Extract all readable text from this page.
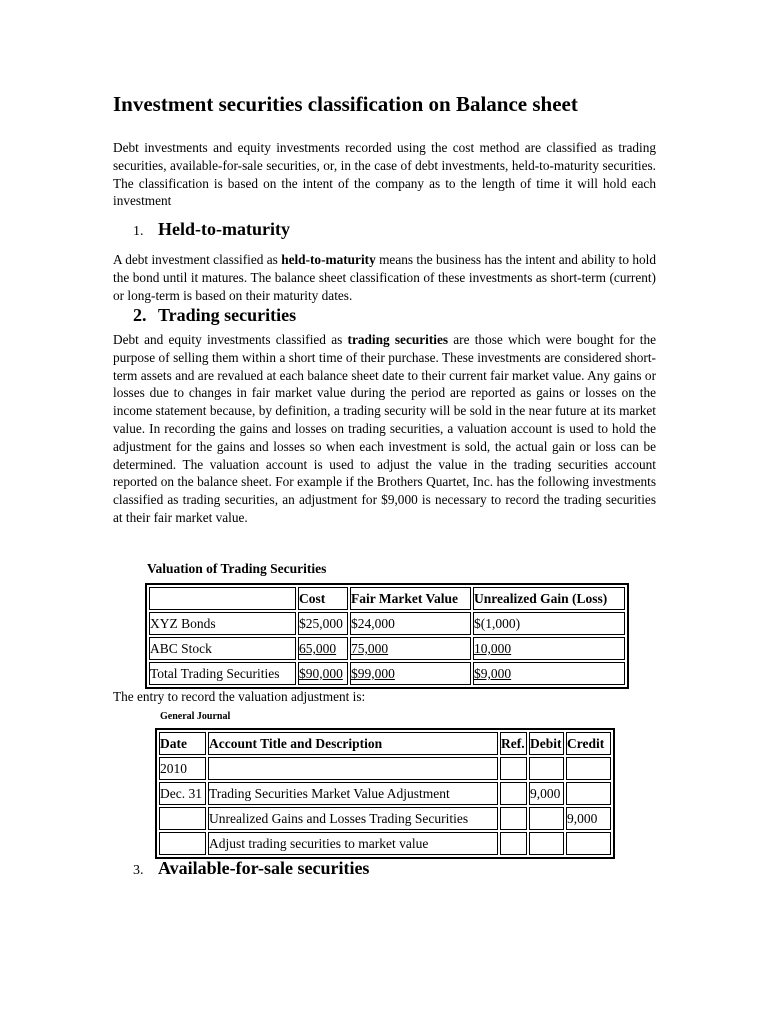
Investment securities classification on Balance sheet

Debt investments and equity investments recorded using the cost method are classified as trading securities, available-for-sale securities, or, in the case of debt investments, held-to-maturity securities. The classification is based on the intent of the company as to the length of time it will hold each investment

1. Held-to-maturity

A debt investment classified as held-to-maturity means the business has the intent and ability to hold the bond until it matures. The balance sheet classification of these investments as short-term (current) or long-term is based on their maturity dates.

2. Trading securities

Debt and equity investments classified as trading securities are those which were bought for the purpose of selling them within a short time of their purchase. These investments are considered short-term assets and are revalued at each balance sheet date to their current fair market value. Any gains or losses due to changes in fair market value during the period are reported as gains or losses on the income statement because, by definition, a trading security will be sold in the near future at its market value. In recording the gains and losses on trading securities, a valuation account is used to hold the adjustment for the gains and losses so when each investment is sold, the actual gain or loss can be determined. The valuation account is used to adjust the value in the trading securities account reported on the balance sheet. For example if the Brothers Quartet, Inc. has the following investments classified as trading securities, an adjustment for $9,000 is necessary to record the trading securities at their fair market value.

Valuation of Trading Securities

	Cost	Fair Market Value	Unrealized Gain (Loss)
XYZ Bonds	$25,000	$24,000	$(1,000)
ABC Stock	65,000	75,000	10,000
Total Trading Securities	$90,000	$99,000	$9,000

The entry to record the valuation adjustment is:

General Journal

Date	Account Title and Description	Ref.	Debit	Credit
2010				
Dec. 31	Trading Securities Market Value Adjustment		9,000	
	Unrealized Gains and Losses Trading Securities			9,000
	Adjust trading securities to market value			
3. Available-for-sale securities
